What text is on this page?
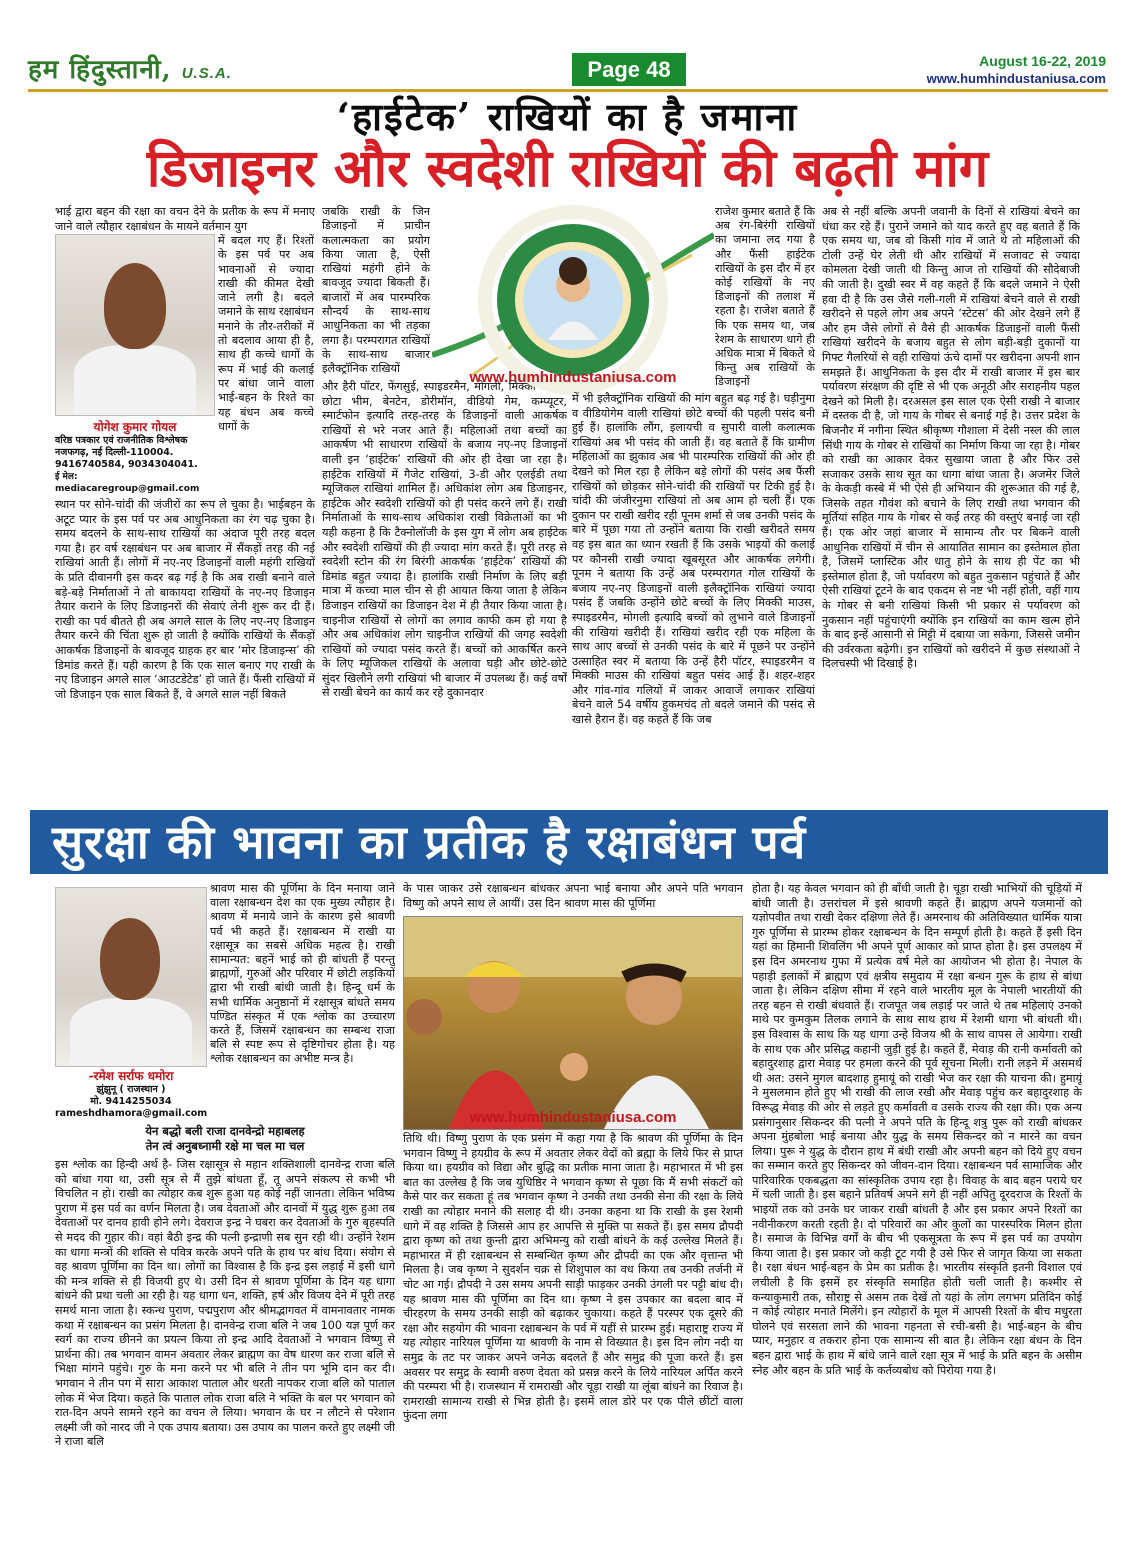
हम हिंदुस्तानी, U.S.A.	Page 48	August 16-22, 2019
www.humhindustaniusa.com
‘हाईटेक’ राखियों का है जमाना
डिजाइनर और स्वदेशी राखियों की बढ़ती मांग

भाई द्वारा बहन की रक्षा का वचन देने के प्रतीक के रूप में मनाए जाने वाले त्यौहार रक्षाबंधन के मायने वर्तमान युग

योगेश कुमार गोयल
वरिष्ठ पत्रकार एवं राजनीतिक विश्लेषक
नजफगढ़, नई दिल्ली-110004.
9416740584, 9034304041.
ई मेल: mediacaregroup@gmail.com

में बदल गए हैं। रिश्तों के इस पर्व पर अब भावनाओं से ज्यादा राखी की कीमत देखी जाने लगी है। बदले जमाने के साथ रक्षाबंधन मनाने के तौर-तरीकों में तो बदलाव आया ही है, साथ ही कच्चे धागों के रूप में भाई की कलाई पर बांधा जाने वाला भाई-बहन के रिश्ते का यह बंधन अब कच्चे धागों के

स्थान पर सोने-चांदी की जंजीरों का रूप ले चुका है। भाईबहन के अटूट प्यार के इस पर्व पर अब आधुनिकता का रंग चढ़ चुका है। समय बदलने के साथ-साथ राखियों का अंदाज पूरी तरह बदल गया है। हर वर्ष रक्षाबंधन पर अब बाजार में सैंकड़ों तरह की नई राखियां आती हैं। लोगों में नए-नए डिजाइनों वाली महंगी राखियों के प्रति दीवानगी इस कदर बढ़ गई है कि अब राखी बनाने वाले बड़े-बड़े निर्माताओं ने तो बाकायदा राखियों के नए-नए डिजाइन तैयार कराने के लिए डिजाइनरों की सेवाएं लेनी शुरू कर दी हैं। राखी का पर्व बीतते ही अब अगले साल के लिए नए-नए डिजाइन तैयार करने की चिंता शुरू हो जाती है क्योंकि राखियों के सैंकड़ों आकर्षक डिजाइनों के बावजूद ग्राहक हर बार ‘मोर डिजाइन्स’ की डिमांड करते हैं। यही कारण है कि एक साल बनाए गए राखी के नए डिजाइन अगले साल ‘आउटडेटेड’ हो जाते हैं। फैंसी राखियों में जो डिजाइन एक साल बिकते हैं, वे अगले साल नहीं बिकते

जबकि राखी के जिन डिजाइनों में प्राचीन कलात्मकता का प्रयोग किया जाता है, ऐसी राखियां महंगी होने के बावजूद ज्यादा बिकती हैं। बाजारों में अब पारम्परिक सौन्दर्य के साथ-साथ आधुनिकता का भी तड़का लगा है। परम्परागत राखियों के साथ-साथ बाजार इलैक्ट्रॉनिक राखियों

और हैरी पॉटर, फेंगसुई, स्पाइडरमैन, मोगली, मिक्की माउस, छोटा भीम, बेनटेन, डोरीमॉन, वीडियो गेम, कम्प्यूटर, स्मार्टफोन इत्यादि तरह-तरह के डिजाइनों वाली आकर्षक राखियों से भरे नजर आते हैं। महिलाओं तथा बच्चों का आकर्षण भी साधारण राखियों के बजाय नए-नए डिजाइनों वाली इन ‘हाईटेक’ राखियों की ओर ही देखा जा रहा है। हाईटेक राखियों में गैजेट राखियां, 3-डी और एलईडी तथा म्यूजिकल राखियां शामिल हैं। अधिकांश लोग अब डिजाइनर, हाईटेक और स्वदेशी राखियों को ही पसंद करने लगे हैं। राखी निर्माताओं के साथ-साथ अधिकांश राखी विक्रेताओं का भी यही कहना है कि टैक्नोलॉजी के इस युग में लोग अब हाईटेक और स्वदेशी राखियों की ही ज्यादा मांग करते हैं। पूरी तरह से स्वदेशी स्टोन की रंग बिरंगी आकर्षक ‘हाईटेक’ राखियों की डिमांड बहुत ज्यादा है। हालांकि राखी निर्माण के लिए बड़ी मात्रा में कच्चा माल चीन से ही आयात किया जाता है लेकिन डिजाइन राखियों का डिजाइन देश में ही तैयार किया जाता है। चाइनीज राखियों से लोगों का लगाव काफी कम हो गया है और अब अधिकांश लोग चाइनीज राखियों की जगह स्वदेशी राखियों को ज्यादा पसंद करते हैं। बच्चों को आकर्षित करने के लिए म्यूजिकल राखियों के अलावा घड़ी और छोटे-छोटे सुंदर खिलौने लगी राखियां भी बाजार में उपलब्ध हैं। कई वर्षों से राखी बेचने का कार्य कर रहे दुकानदार

www.humhindustaniusa.com

राजेश कुमार बताते हैं कि अब रंग-बिरंगी राखियों का जमाना लद गया है और फैंसी हाईटेक राखियों के इस दौर में हर कोई राखियों के नए डिजाइनों की तलाश में रहता है। राजेश बताते हैं कि एक समय था, जब रेशम के साधारण धागे ही अधिक मात्रा में बिकते थे किन्तु अब राखियों के डिजाइनों

में भी इलैक्ट्रॉनिक राखियों की मांग बहुत बढ़ गई है। घड़ीनुमा व वीडियोगेम वाली राखियां छोटे बच्चों की पहली पसंद बनी हुई हैं। हालांकि लौंग, इलायची व सुपारी वाली कलात्मक राखियां अब भी पसंद की जाती हैं। वह बताते हैं कि ग्रामीण महिलाओं का झुकाव अब भी पारम्परिक राखियों की ओर ही देखने को मिल रहा है लेकिन बड़े लोगों की पसंद अब फैंसी राखियों को छोड़कर सोने-चांदी की राखियों पर टिकी हुई है। चांदी की जंजीरनुमा राखियां तो अब आम हो चली हैं। एक दुकान पर राखी खरीद रही पूनम शर्मा से जब उनकी पसंद के बारे में पूछा गया तो उन्होंने बताया कि राखी खरीदते समय वह इस बात का ध्यान रखती हैं कि उसके भाइयों की कलाई पर कौनसी राखी ज्यादा खूबसूरत और आकर्षक लगेगी। पूनम ने बताया कि उन्हें अब परम्परागत गोल राखियों के बजाय नए-नए डिजाइनों वाली इलैक्ट्रॉनिक राखियां ज्यादा पसंद हैं जबकि उन्होंने छोटे बच्चों के लिए मिक्की माउस, स्पाइडरमैन, मोगली इत्यादि बच्चों को लुभाने वाले डिजाइनों की राखियां खरीदी हैं। राखियां खरीद रही एक महिला के साथ आए बच्चों से उनकी पसंद के बारे में पूछने पर उन्होंने उत्साहित स्वर में बताया कि उन्हें हैरी पॉटर, स्पाइडरमैन व मिक्की माउस की राखियां बहुत पसंद आई हैं। शहर-शहर और गांव-गांव गलियों में जाकर आवाजें लगाकर राखियां बेचने वाले 54 वर्षीय हुकमचंद तो बदले जमाने की पसंद से खासे हैरान हैं। वह कहते हैं कि जब

अब से नहीं बल्कि अपनी जवानी के दिनों से राखियां बेचने का धंधा कर रहे हैं। पुराने जमाने को याद करते हुए वह बताते हैं कि एक समय था, जब वो किसी गांव में जाते थे तो महिलाओं की टोली उन्हें घेर लेती थी और राखियों में सजावट से ज्यादा कोमलता देखी जाती थी किन्तु आज तो राखियों की सौदेबाजी की जाती है। दुखी स्वर में वह कहते हैं कि बदले जमाने ने ऐसी हवा दी है कि उस जैसे गली-गली में राखियां बेचने वाले से राखी खरीदने से पहले लोग अब अपने ‘स्टेटस’ की ओर देखने लगे हैं और हम जैसे लोगों से वैसे ही आकर्षक डिजाइनों वाली फैंसी राखियां खरीदने के बजाय बहुत से लोग बड़ी-बड़ी दुकानों या गिफ्ट गैलरियों से वही राखियां ऊंचे दामों पर खरीदना अपनी शान समझते हैं। आधुनिकता के इस दौर में राखी बाजार में इस बार पर्यावरण संरक्षण की दृष्टि से भी एक अनूठी और सराहनीय पहल देखने को मिली है। दरअसल इस साल एक ऐसी राखी ने बाजार में दस्तक दी है, जो गाय के गोबर से बनाई गई है। उत्तर प्रदेश के बिजनौर में नगीना स्थित श्रीकृष्ण गौशाला में देसी नस्ल की लाल सिंधी गाय के गोबर से राखियों का निर्माण किया जा रहा है। गोबर को राखी का आकार देकर सुखाया जाता है और फिर उसे सजाकर उसके साथ सूत का धागा बांधा जाता है। अजमेर जिले के केकड़ी कस्बे में भी ऐसे ही अभियान की शुरूआत की गई है, जिसके तहत गौवंश को बचाने के लिए राखी तथा भगवान की मूर्तियां सहित गाय के गोबर से कई तरह की वस्तुएं बनाई जा रही हैं। एक ओर जहां बाजार में सामान्य तौर पर बिकने वाली आधुनिक राखियों में चीन से आयातित सामान का इस्तेमाल होता है, जिसमें प्लास्टिक और धातु होने के साथ ही पेंट का भी इस्तेमाल होता है, जो पर्यावरण को बहुत नुकसान पहुंचाते हैं और ऐसी राखियां टूटने के बाद एकदम से नष्ट भी नहीं होती, वहीं गाय के गोबर से बनी राखियां किसी भी प्रकार से पर्यावरण को नुकसान नहीं पहुंचाएंगी क्योंकि इन राखियों का काम खत्म होने के बाद इन्हें आसानी से मिट्टी में दबाया जा सकेगा, जिससे जमीन की उर्वरकता बढ़ेगी। इन राखियों को खरीदने में कुछ संस्थाओं ने दिलचस्पी भी दिखाई है।

सुरक्षा की भावना का प्रतीक है रक्षाबंधन पर्व
-रमेश सर्राफ धमोरा
झुंझुनू ( राजस्थान )
मो. 9414255034
rameshdhamora@gmail.com

श्रावण मास की पूर्णिमा के दिन मनाया जाने वाला रक्षाबन्धन देश का एक मुख्य त्यौहार है। श्रावण में मनाये जाने के कारण इसे श्रावणी पर्व भी कहते हैं। रक्षाबन्धन में राखी या रक्षासूत्र का सबसे अधिक महत्व है। राखी सामान्यत: बहनें भाई को ही बांधती हैं परन्तु ब्राह्मणों, गुरुओं और परिवार में छोटी लड़कियों द्वारा भी राखी बांधी जाती है। हिन्दू धर्म के सभी धार्मिक अनुष्ठानों में रक्षासूत्र बांधते समय पण्डित संस्कृत में एक श्लोक का उच्चारण करते हैं, जिसमें रक्षाबन्धन का सम्बन्ध राजा बलि से स्पष्ट रूप से दृष्टिगोचर होता है। यह श्लोक रक्षाबन्धन का अभीष्ट मन्त्र है।

येन बद्धो बली राजा दानवेन्द्रो महाबलह
तेन त्वं अनुबध्नामी रक्षे मा चल मा चल

इस श्लोक का हिन्दी अर्थ है- जिस रक्षासूत्र से महान शक्तिशाली दानवेन्द्र राजा बलि को बांधा गया था, उसी सूत्र से मैं तुझे बांधता हूँ, तू अपने संकल्प से कभी भी विचलित न हो। राखी का त्योहार कब शुरू हुआ यह कोई नहीं जानता। लेकिन भविष्य पुराण में इस पर्व का वर्णन मिलता है। जब देवताओं और दानवों में युद्ध शुरू हुआ तब देवताओं पर दानव हावी होने लगे। देवराज इन्द्र ने घबरा कर देवताओं के गुरु बृहस्पति से मदद की गुहार की। वहां बैठी इन्द्र की पत्नी इन्द्राणी सब सुन रही थी। उन्होंने रेशम का धागा मन्त्रों की शक्ति से पवित्र करके अपने पति के हाथ पर बांध दिया। संयोग से वह श्रावण पूर्णिमा का दिन था। लोगों का विश्वास है कि इन्द्र इस लड़ाई में इसी धागे की मन्त्र शक्ति से ही विजयी हुए थे। उसी दिन से श्रावण पूर्णिमा के दिन यह धागा बांधने की प्रथा चली आ रही है। यह धागा धन, शक्ति, हर्ष और विजय देने में पूरी तरह समर्थ माना जाता है। स्कन्ध पुराण, पद्मपुराण और श्रीमद्भागवत में वामनावतार नामक कथा में रक्षाबन्धन का प्रसंग मिलता है। दानवेन्द्र राजा बलि ने जब 100 यज्ञ पूर्ण कर स्वर्ग का राज्य छीनने का प्रयत्न किया तो इन्द्र आदि देवताओं ने भगवान विष्णु से प्रार्थना की। तब भगवान वामन अवतार लेकर ब्राह्मण का वेष धारण कर राजा बलि से भिक्षा मांगने पहुंचे। गुरु के मना करने पर भी बलि ने तीन पग भूमि दान कर दी। भगवान ने तीन पग में सारा आकाश पाताल और धरती नापकर राजा बलि को पाताल लोक में भेज दिया। कहते कि पाताल लोक राजा बलि ने भक्ति के बल पर भगवान को रात-दिन अपने सामने रहने का वचन ले लिया। भगवान के घर न लौटने से परेशान लक्ष्मी जी को नारद जी ने एक उपाय बताया। उस उपाय का पालन करते हुए लक्ष्मी जी ने राजा बलि

के पास जाकर उसे रक्षाबन्धन बांधकर अपना भाई बनाया और अपने पति भगवान विष्णु को अपने साथ ले आयीं। उस दिन श्रावण मास की पूर्णिमा

www.humhindustaniusa.com

तिथि थी। विष्णु पुराण के एक प्रसंग में कहा गया है कि श्रावण की पूर्णिमा के दिन भगवान विष्णु ने हयग्रीव के रूप में अवतार लेकर वेदों को ब्रह्मा के लिये फिर से प्राप्त किया था। हयग्रीव को विद्या और बुद्धि का प्रतीक माना जाता है। महाभारत में भी इस बात का उल्लेख है कि जब युधिष्ठिर ने भगवान कृष्ण से पूछा कि मैं सभी संकटों को कैसे पार कर सकता हूं तब भगवान कृष्ण ने उनकी तथा उनकी सेना की रक्षा के लिये राखी का त्योहार मनाने की सलाह दी थी। उनका कहना था कि राखी के इस रेशमी धागे में वह शक्ति है जिससे आप हर आपत्ति से मुक्ति पा सकते हैं। इस समय द्रौपदी द्वारा कृष्ण को तथा कुन्ती द्वारा अभिमन्यु को राखी बांधने के कई उल्लेख मिलते हैं। महाभारत में ही रक्षाबन्धन से सम्बन्धित कृष्ण और द्रौपदी का एक और वृत्तान्त भी मिलता है। जब कृष्ण ने सुदर्शन चक्र से शिशुपाल का वध किया तब उनकी तर्जनी में चोट आ गई। द्रौपदी ने उस समय अपनी साड़ी फाड़कर उनकी उंगली पर पट्टी बांध दी। यह श्रावण मास की पूर्णिमा का दिन था। कृष्ण ने इस उपकार का बदला बाद में चीरहरण के समय उनकी साड़ी को बढ़ाकर चुकाया। कहते हैं परस्पर एक दूसरे की रक्षा और सहयोग की भावना रक्षाबन्धन के पर्व में यहीं से प्रारम्भ हुई। महाराष्ट्र राज्य में यह त्योहार नारियल पूर्णिमा या श्रावणी के नाम से विख्यात है। इस दिन लोग नदी या समुद्र के तट पर जाकर अपने जनेऊ बदलते हैं और समुद्र की पूजा करते हैं। इस अवसर पर समुद्र के स्वामी वरुण देवता को प्रसन्न करने के लिये नारियल अर्पित करने की परम्परा भी है। राजस्थान में रामराखी और चूड़ा राखी या लूंबा बांधने का रिवाज है। रामराखी सामान्य राखी से भिन्न होती है। इसमें लाल डोरे पर एक पीले छींटों वाला फुंदना लगा

होता है। यह केवल भगवान को ही बाँधी जाती है। चूड़ा राखी भाभियों की चूड़ियों में बांधी जाती है। उत्तरांचल में इसे श्रावणी कहते हैं। ब्राह्मण अपने यजमानों को यज्ञोपवीत तथा राखी देकर दक्षिणा लेते हैं। अमरनाथ की अतिविख्यात धार्मिक यात्रा गुरु पूर्णिमा से प्रारम्भ होकर रक्षाबन्धन के दिन सम्पूर्ण होती है। कहते हैं इसी दिन यहां का हिमानी शिवलिंग भी अपने पूर्ण आकार को प्राप्त होता है। इस उपलक्ष्य में इस दिन अमरनाथ गुफा में प्रत्येक वर्ष मेले का आयोजन भी होता है। नेपाल के पहाड़ी इलाकों में ब्राह्मण एवं क्षत्रीय समुदाय में रक्षा बन्धन गुरू के हाथ से बांधा जाता है। लेकिन दक्षिण सीमा में रहने वाले भारतीय मूल के नेपाली भारतीयों की तरह बहन से राखी बंधवाते हैं। राजपूत जब लड़ाई पर जाते थे तब महिलाएं उनको माथे पर कुमकुम तिलक लगाने के साथ साथ हाथ में रेशमी धागा भी बांधती थी। इस विश्वास के साथ कि यह धागा उन्हे विजय श्री के साथ वापस ले आयेगा। राखी के साथ एक और प्रसिद्ध कहानी जुड़ी हुई है। कहते हैं, मेवाड़ की रानी कर्मावती को बहादुरशाह द्वारा मेवाड़ पर हमला करने की पूर्व सूचना मिली। रानी लड़ने में असमर्थ थी अत: उसने मुगल बादशाह हुमायूं को राखी भेज कर रक्षा की याचना की। हुमायूं ने मुसलमान होते हुए भी राखी की लाज रखी और मेवाड़ पहुंच कर बहादुरशाह के विरूद्ध मेवाड़ की ओर से लड़ते हुए कर्मावती व उसके राज्य की रक्षा की। एक अन्य प्रसंगानुसार सिकन्दर की पत्नी ने अपने पति के हिन्दू शत्रु पुरू को राखी बांधकर अपना मुंहबोला भाई बनाया और युद्ध के समय सिकन्दर को न मारने का वचन लिया। पुरू ने युद्ध के दौरान हाथ में बंधी राखी और अपनी बहन को दिये हुए वचन का सम्मान करते हुए सिकन्दर को जीवन-दान दिया। रक्षाबन्धन पर्व सामाजिक और पारिवारिक एकबद्धता का सांस्कृतिक उपाय रहा है। विवाह के बाद बहन पराये घर में चली जाती है। इस बहाने प्रतिवर्ष अपने सगे ही नहीं अपितु दूरदराज के रिश्तों के भाइयों तक को उनके घर जाकर राखी बांधती है और इस प्रकार अपने रिश्तों का नवीनीकरण करती रहती है। दो परिवारों का और कुलों का पारस्परिक मिलन होता है। समाज के विभिन्न वर्गों के बीच भी एकसूत्रता के रूप में इस पर्व का उपयोग किया जाता है। इस प्रकार जो कड़ी टूट गयी है उसे फिर से जागृत किया जा सकता है। रक्षा बंधन भाई-बहन के प्रेम का प्रतीक है। भारतीय संस्कृति इतनी विशाल एवं लचीली है कि इसमें हर संस्कृति समाहित होती चली जाती है। कश्मीर से कन्याकुमारी तक, सौराष्ट्र से असम तक देखें तो यहां के लोग लगभग प्रतिदिन कोई न कोई त्योहार मनाते मिलेंगे। इन त्योहारों के मूल में आपसी रिश्तों के बीच मधुरता घोलने एवं सरसता लाने की भावना गहनता से रची-बसी है। भाई-बहन के बीच प्यार, मनुहार व तकरार होना एक सामान्य सी बात है। लेकिन रक्षा बंधन के दिन बहन द्वारा भाई के हाथ में बांधे जाने वाले रक्षा सूत्र में भाई के प्रति बहन के असीम स्नेह और बहन के प्रति भाई के कर्तव्यबोध को पिरोया गया है।
